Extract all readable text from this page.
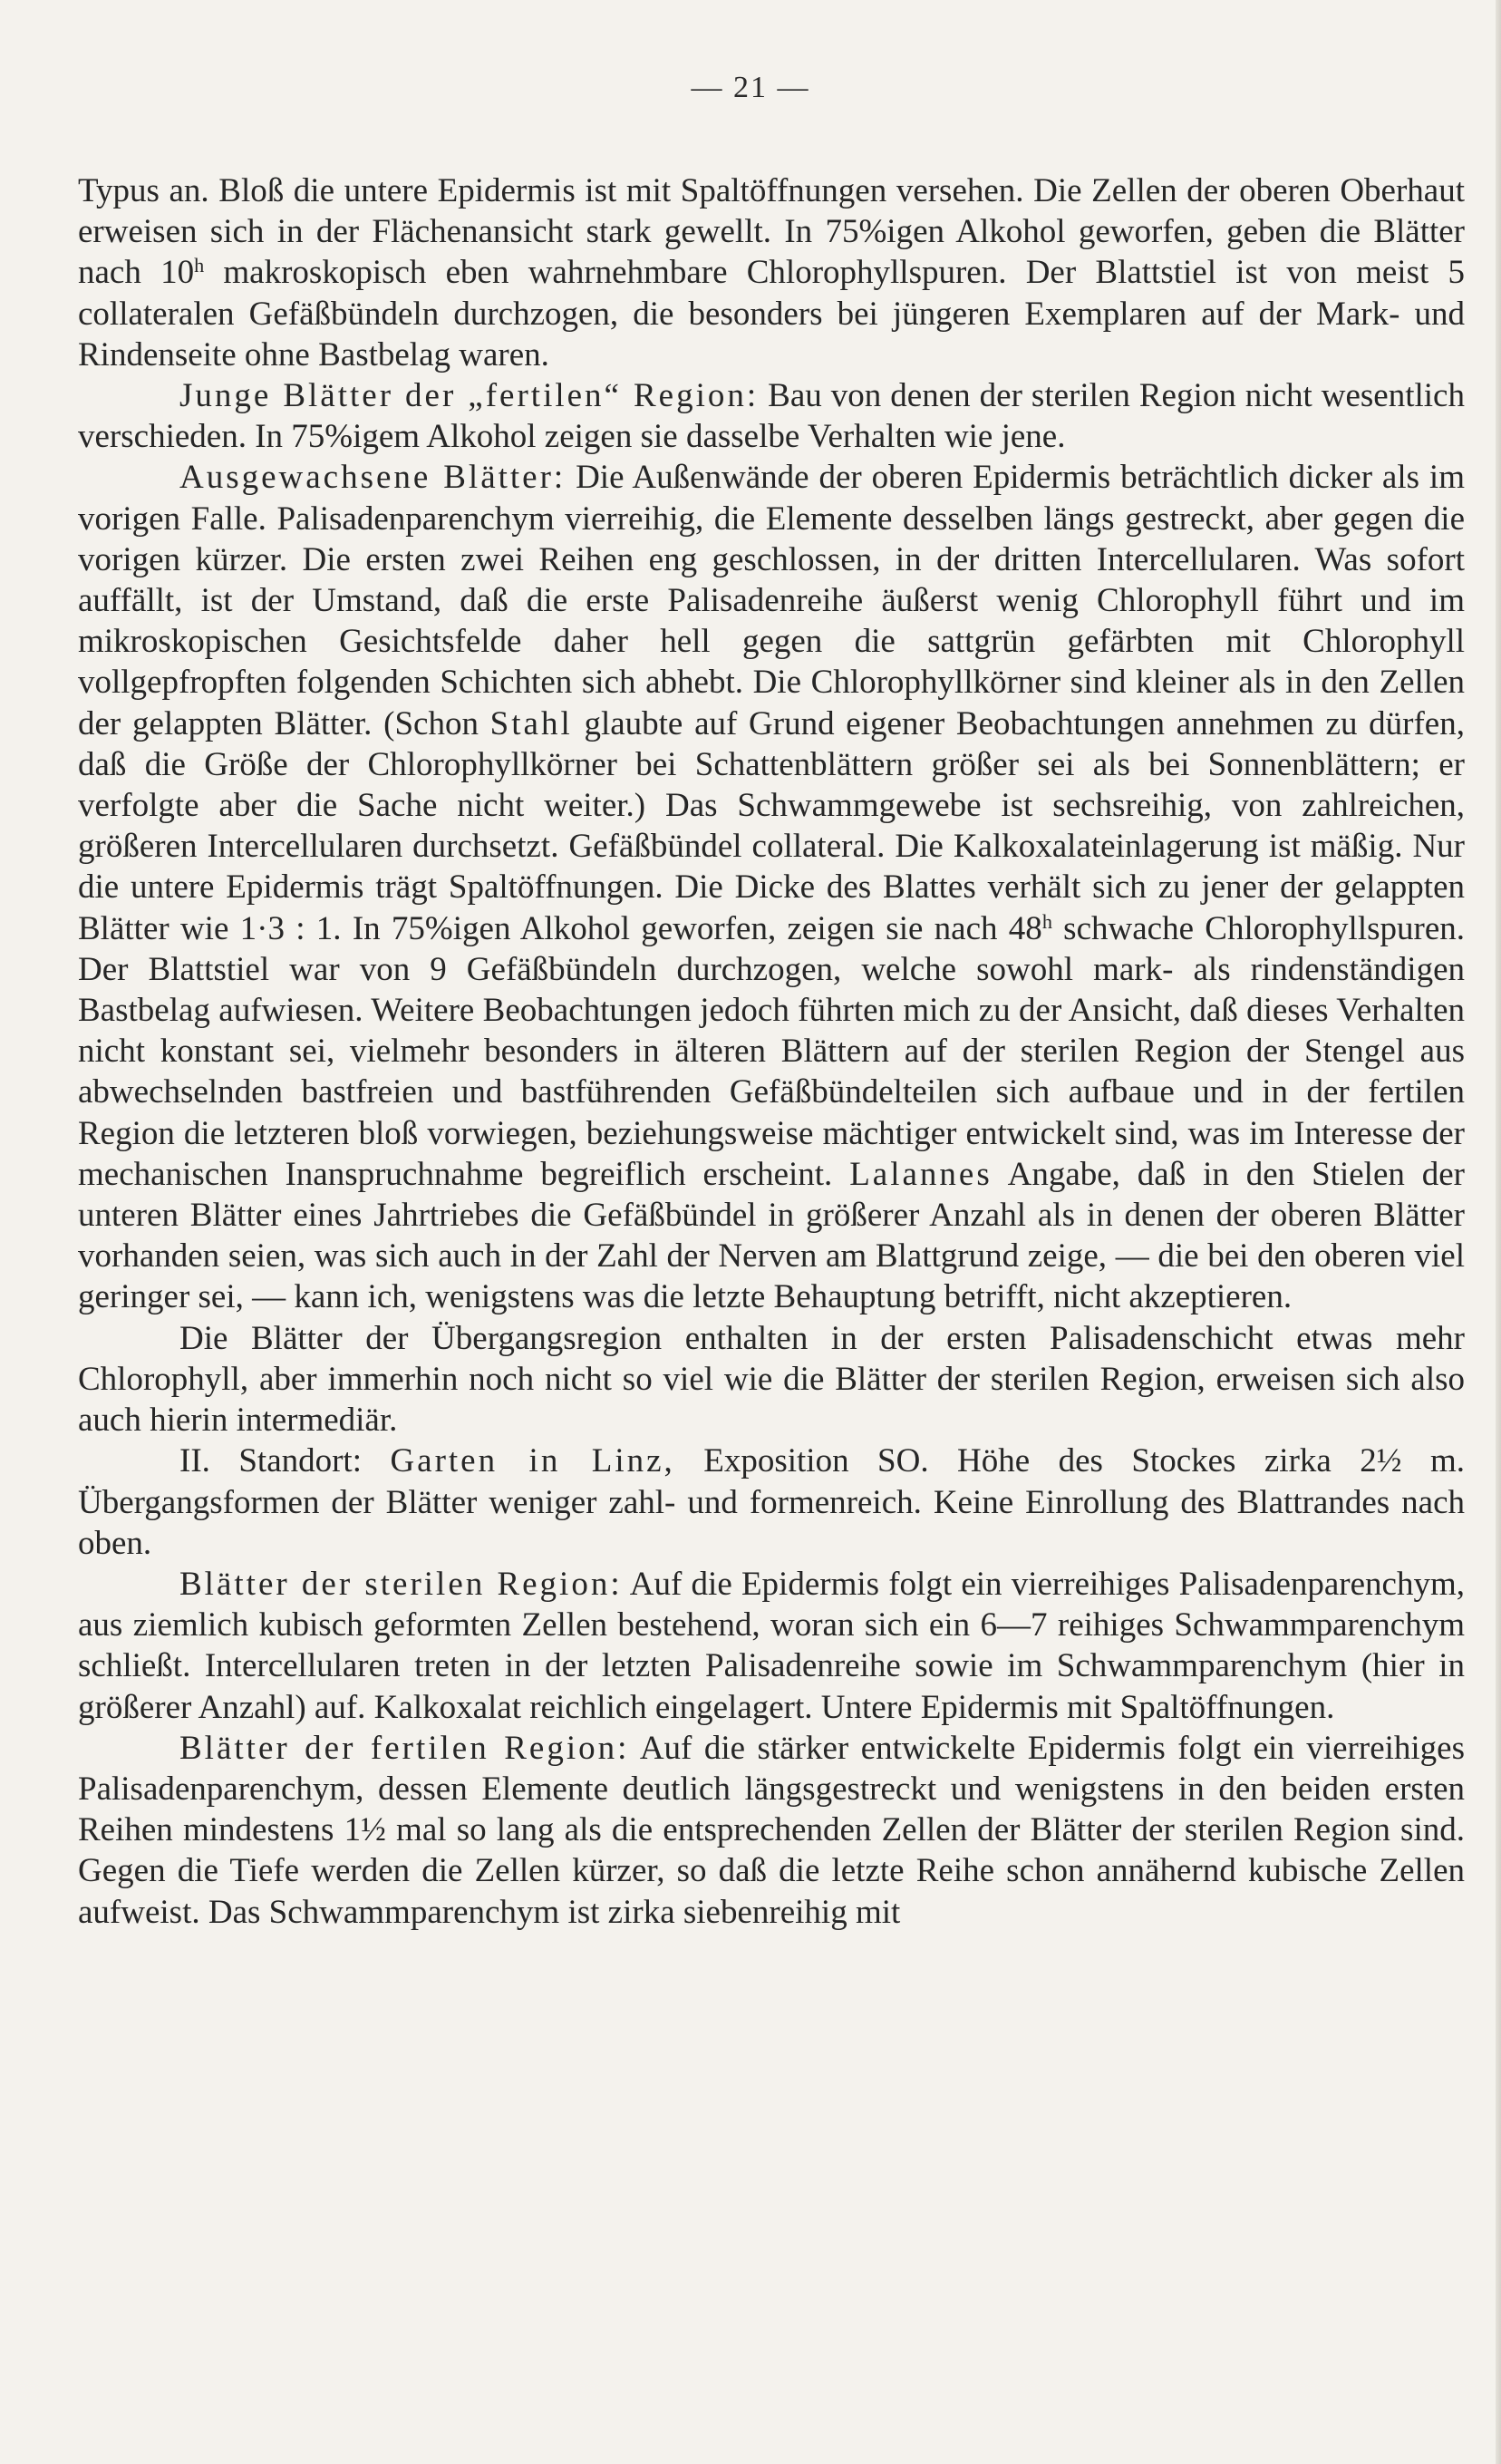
— 21 —

Typus an. Bloß die untere Epidermis ist mit Spaltöffnungen versehen. Die Zellen der oberen Oberhaut erweisen sich in der Flächenansicht stark gewellt. In 75%igen Alkohol geworfen, geben die Blätter nach 10$^h$ makroskopisch eben wahrnehmbare Chlorophyllspuren. Der Blattstiel ist von meist 5 collateralen Gefäßbündeln durchzogen, die besonders bei jüngeren Exemplaren auf der Mark- und Rindenseite ohne Bastbelag waren.

Junge Blätter der „fertilen“ Region: Bau von denen der sterilen Region nicht wesentlich verschieden. In 75%igem Alkohol zeigen sie dasselbe Verhalten wie jene.

Ausgewachsene Blätter: Die Außenwände der oberen Epidermis beträchtlich dicker als im vorigen Falle. Palisadenparenchym vierreihig, die Elemente desselben längs gestreckt, aber gegen die vorigen kürzer. Die ersten zwei Reihen eng geschlossen, in der dritten Intercellularen. Was sofort auffällt, ist der Umstand, daß die erste Palisadenreihe äußerst wenig Chlorophyll führt und im mikroskopischen Gesichtsfelde daher hell gegen die sattgrün gefärbten mit Chlorophyll vollgepfropften folgenden Schichten sich abhebt. Die Chlorophyllkörner sind kleiner als in den Zellen der gelappten Blätter. (Schon Stahl glaubte auf Grund eigener Beobachtungen annehmen zu dürfen, daß die Größe der Chlorophyllkörner bei Schattenblättern größer sei als bei Sonnenblättern; er verfolgte aber die Sache nicht weiter.) Das Schwammgewebe ist sechsreihig, von zahlreichen, größeren Intercellularen durchsetzt. Gefäßbündel collateral. Die Kalkoxalateinlagerung ist mäßig. Nur die untere Epidermis trägt Spaltöffnungen. Die Dicke des Blattes verhält sich zu jener der gelappten Blätter wie 1·3 : 1. In 75%igen Alkohol geworfen, zeigen sie nach 48$^h$ schwache Chlorophyllspuren. Der Blattstiel war von 9 Gefäßbündeln durchzogen, welche sowohl mark- als rindenständigen Bastbelag aufwiesen. Weitere Beobachtungen jedoch führten mich zu der Ansicht, daß dieses Verhalten nicht konstant sei, vielmehr besonders in älteren Blättern auf der sterilen Region der Stengel aus abwechselnden bastfreien und bastführenden Gefäßbündelteilen sich aufbaue und in der fertilen Region die letzteren bloß vorwiegen, beziehungsweise mächtiger entwickelt sind, was im Interesse der mechanischen Inanspruchnahme begreiflich erscheint. Lalannes Angabe, daß in den Stielen der unteren Blätter eines Jahrtriebes die Gefäßbündel in größerer Anzahl als in denen der oberen Blätter vorhanden seien, was sich auch in der Zahl der Nerven am Blattgrund zeige, — die bei den oberen viel geringer sei, — kann ich, wenigstens was die letzte Behauptung betrifft, nicht akzeptieren.

Die Blätter der Übergangsregion enthalten in der ersten Palisadenschicht etwas mehr Chlorophyll, aber immerhin noch nicht so viel wie die Blätter der sterilen Region, erweisen sich also auch hierin intermediär.

II. Standort: Garten in Linz, Exposition SO. Höhe des Stockes zirka 2½ m. Übergangsformen der Blätter weniger zahl- und formenreich. Keine Einrollung des Blattrandes nach oben.

Blätter der sterilen Region: Auf die Epidermis folgt ein vierreihiges Palisadenparenchym, aus ziemlich kubisch geformten Zellen bestehend, woran sich ein 6—7 reihiges Schwammparenchym schließt. Intercellularen treten in der letzten Palisadenreihe sowie im Schwammparenchym (hier in größerer Anzahl) auf. Kalkoxalat reichlich eingelagert. Untere Epidermis mit Spaltöffnungen.

Blätter der fertilen Region: Auf die stärker entwickelte Epidermis folgt ein vierreihiges Palisadenparenchym, dessen Elemente deutlich längsgestreckt und wenigstens in den beiden ersten Reihen mindestens 1½ mal so lang als die entsprechenden Zellen der Blätter der sterilen Region sind. Gegen die Tiefe werden die Zellen kürzer, so daß die letzte Reihe schon annähernd kubische Zellen aufweist. Das Schwammparenchym ist zirka siebenreihig mit
